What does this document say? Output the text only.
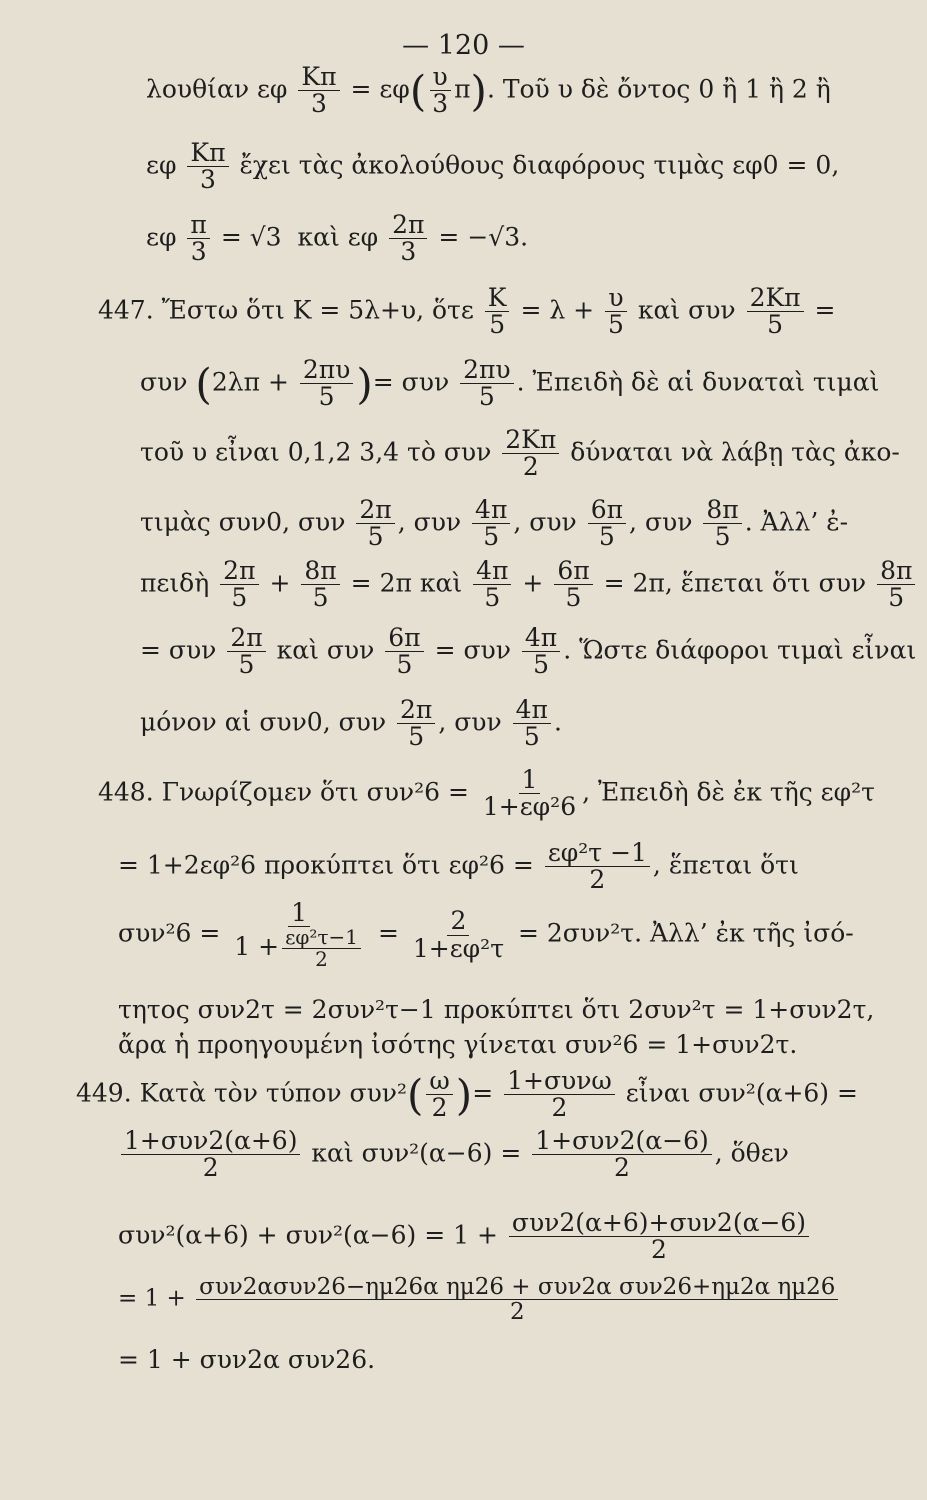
— 120 —
λουθίαν εφ $\frac{K\pi}{3} = \varepsilon\varphi( \frac{\upsilon}{3} \pi)$. Τοῦ υ δὲ ὄντος 0 ἢ 1 ἢ 2 ἢ
εφ $\frac{K\pi}{3}$ ἔχει τὰς ἀκολούθους διαφόρους τιμὰς εφ0 = 0,
εφ $\frac{\pi}{3} = √3$ καὶ εφ $\frac{2\pi}{3} = -√3$.
447. Ἔστω ὅτι K = 5λ+υ, ὅτε $\frac{K}{5} = \lambda + \frac{\upsilon}{5}$ καὶ συν $\frac{2K\pi}{5}$ =
συν ($2\lambda\pi + \frac{2\pi\upsilon}{5}$ )= συν $\frac{2\pi\upsilon}{5}$ . Ἐπειδὴ δὲ αἱ δυναταὶ τιμαὶ
τοῦ υ εἶναι 0,1,2 3,4 τὸ συν $\frac{2K\pi}{2}$ δύναται νὰ λάβῃ τὰς ἀκο-
τιμὰς συν0, συν $\frac{2\pi}{5}$ , συν $\frac{4\pi}{5}$ , συν $\frac{6\pi}{5}$ , συν $\frac{8\pi}{5}$ . Ἀλλ’ ἐ-
πειδὴ $\frac{2\pi}{5} + \frac{8\pi}{5} = 2\pi$ καὶ $\frac{4\pi}{5} + \frac{6\pi}{5} = 2\pi$, ἕπεται ὅτι συν $\frac{8\pi}{5}$
= συν $\frac{2\pi}{5}$ καὶ συν $\frac{6\pi}{5} = \sigma\upsilon\nu \frac{4\pi}{5}$ . Ὥστε διάφοροι τιμαὶ εἶναι
μόνον αἱ συν0, συν $\frac{2\pi}{5}$ , συν $\frac{4\pi}{5}$ .
448. Γνωρίζομεν ὅτι $\sigma\upsilon\nu^26 = \frac{1}{\text{1+εφ²6}}$ , Ἐπειδὴ δὲ ἐκ τῆς εφ²τ
= 1+2εφ²6 προκύπτει ὅτι $\varepsilon\varphi^26 = \frac{\text{εφ²τ −1}}{2}$ , ἕπεται ὅτι
$\sigma\upsilon\nu^26 = \frac{1}{1 + \frac{\text{εφ²τ−1}}{2}} = \frac{2}{\text{1+εφ²τ}} = 2\sigma\upsilon\nu^2\tau$. Ἀλλ’ ἐκ τῆς ἰσό-
τητος συν2τ = 2συν²τ−1 προκύπτει ὅτι 2συν²τ = 1+συν2τ,
ἄρα ἡ προηγουμένη ἰσότης γίνεται συν²6 = 1+συν2τ.
449. Κατὰ τὸν τύπον $\sigma\upsilon\nu^2( \frac{\omega}{2}$ )= $\frac{\text{1+συνω}}{2}$ εἶναι συν²(α+6) =
$\frac{\text{1+συν2(α+6)}}{2}$ καὶ $\sigma\upsilon\nu^2(\alpha-6) = \frac{\text{1+συν2(α−6)}}{2}$ , ὅθεν
$\sigma\upsilon\nu^2(\alpha+6) + \sigma\upsilon\nu^2(\alpha-6) = 1 + \frac{\text{συν2(α+6)+συν2(α−6)}}{2}$
= $1 + \frac{\text{συν2ασυν26−ημ26α ημ26 + συν2α συν26+ημ2α ημ26}}{2}$
= 1 + συν2α συν26.
